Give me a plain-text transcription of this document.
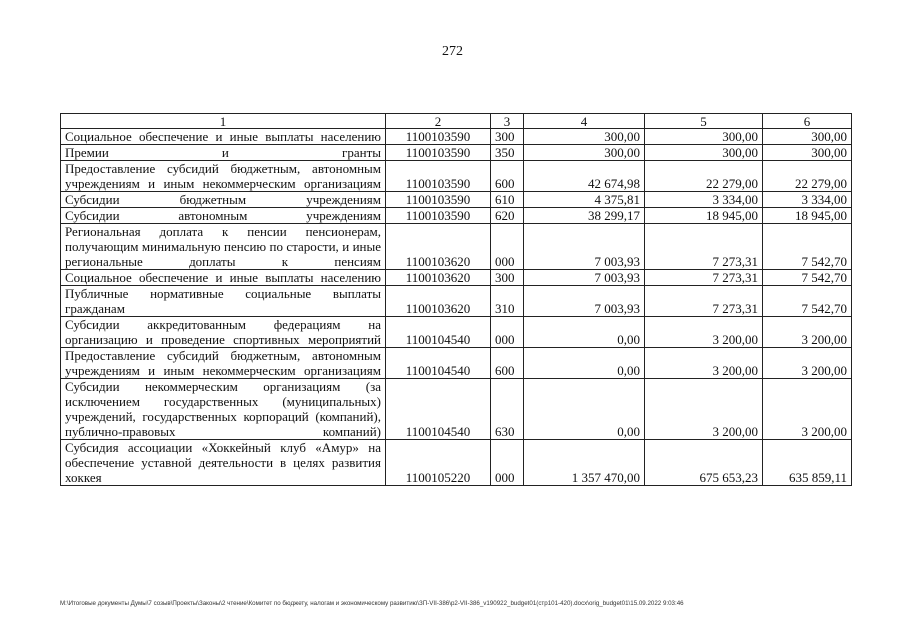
272
1	2	3	4	5	6
Социальное обеспечение и иные выплаты населению	1100103590	300	300,00	300,00	300,00
Премии и гранты	1100103590	350	300,00	300,00	300,00
Предоставление субсидий бюджетным, автономным учреждениям и иным некоммерческим организациям	1100103590	600	42 674,98	22 279,00	22 279,00
Субсидии бюджетным учреждениям	1100103590	610	4 375,81	3 334,00	3 334,00
Субсидии автономным учреждениям	1100103590	620	38 299,17	18 945,00	18 945,00
Региональная доплата к пенсии пенсионерам, получающим минимальную пенсию по старости, и иные региональные доплаты к пенсиям	1100103620	000	7 003,93	7 273,31	7 542,70
Социальное обеспечение и иные выплаты населению	1100103620	300	7 003,93	7 273,31	7 542,70
Публичные нормативные социальные выплаты гражданам	1100103620	310	7 003,93	7 273,31	7 542,70
Субсидии аккредитованным федерациям на организацию и проведение спортивных мероприятий	1100104540	000	0,00	3 200,00	3 200,00
Предоставление субсидий бюджетным, автономным учреждениям и иным некоммерческим организациям	1100104540	600	0,00	3 200,00	3 200,00
Субсидии некоммерческим организациям (за исключением государственных (муниципальных) учреждений, государственных корпораций (компаний), публично-правовых компаний)	1100104540	630	0,00	3 200,00	3 200,00
Субсидия ассоциации «Хоккейный клуб «Амур» на обеспечение уставной деятельности в целях развития хоккея	1100105220	000	1 357 470,00	675 653,23	635 859,11
M:\Итоговые документы Думы\7 созыв\Проекты\Законы\2 чтение\Комитет по бюджету, налогам и экономическому развитию\ЗП-VII-386\p2-VII-386_v190922_budget01(стр101-420).docx\orig_budget01\15.09.2022 9:03:46
